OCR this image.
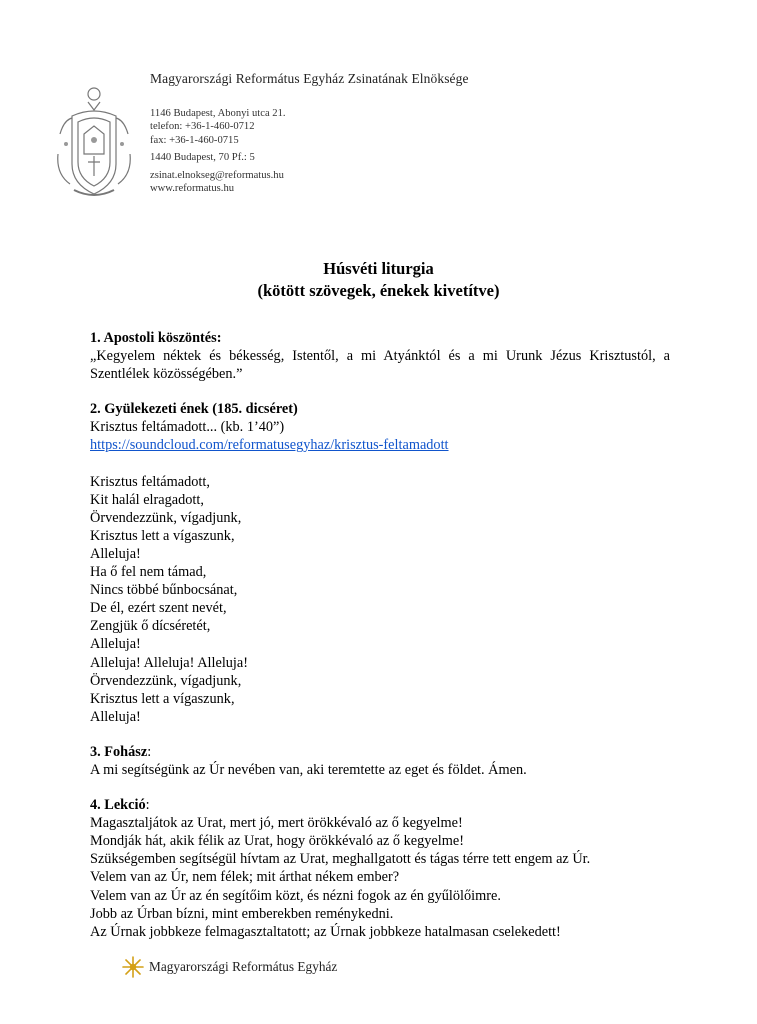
Magyarországi Református Egyház Zsinatának Elnöksége
1146 Budapest, Abonyi utca 21.
telefon: +36-1-460-0712
fax: +36-1-460-0715
1440 Budapest, 70 Pf.: 5
zsinat.elnokseg@reformatus.hu
www.reformatus.hu
Húsvéti liturgia
(kötött szövegek, énekek kivetítve)

1. Apostoli köszöntés:

„Kegyelem néktek és békesség, Istentől, a mi Atyánktól és a mi Urunk Jézus Krisztustól, a Szentlélek közösségében.”

2. Gyülekezeti ének (185. dicséret)

Krisztus feltámadott... (kb. 1’40”)

https://soundcloud.com/reformatusegyhaz/krisztus-feltamadott

Krisztus feltámadott,

Kit halál elragadott,

Örvendezzünk, vígadjunk,

Krisztus lett a vígaszunk,

Alleluja!

Ha ő fel nem támad,

Nincs többé bűnbocsánat,

De él, ezért szent nevét,

Zengjük ő dícséretét,

Alleluja!

Alleluja! Alleluja! Alleluja!

Örvendezzünk, vígadjunk,

Krisztus lett a vígaszunk,

Alleluja!

3. Fohász:

A mi segítségünk az Úr nevében van, aki teremtette az eget és földet. Ámen.

4. Lekció:

Magasztaljátok az Urat, mert jó, mert örökkévaló az ő kegyelme!

Mondják hát, akik félik az Urat, hogy örökkévaló az ő kegyelme!

Szükségemben segítségül hívtam az Urat, meghallgatott és tágas térre tett engem az Úr.

Velem van az Úr, nem félek; mit árthat nékem ember?

Velem van az Úr az én segítőim közt, és nézni fogok az én gyűlölőimre.

Jobb az Úrban bízni, mint emberekben reménykedni.

Az Úrnak jobbkeze felmagasztaltatott; az Úrnak jobbkeze hatalmasan cselekedett!

Magyarországi Református Egyház
